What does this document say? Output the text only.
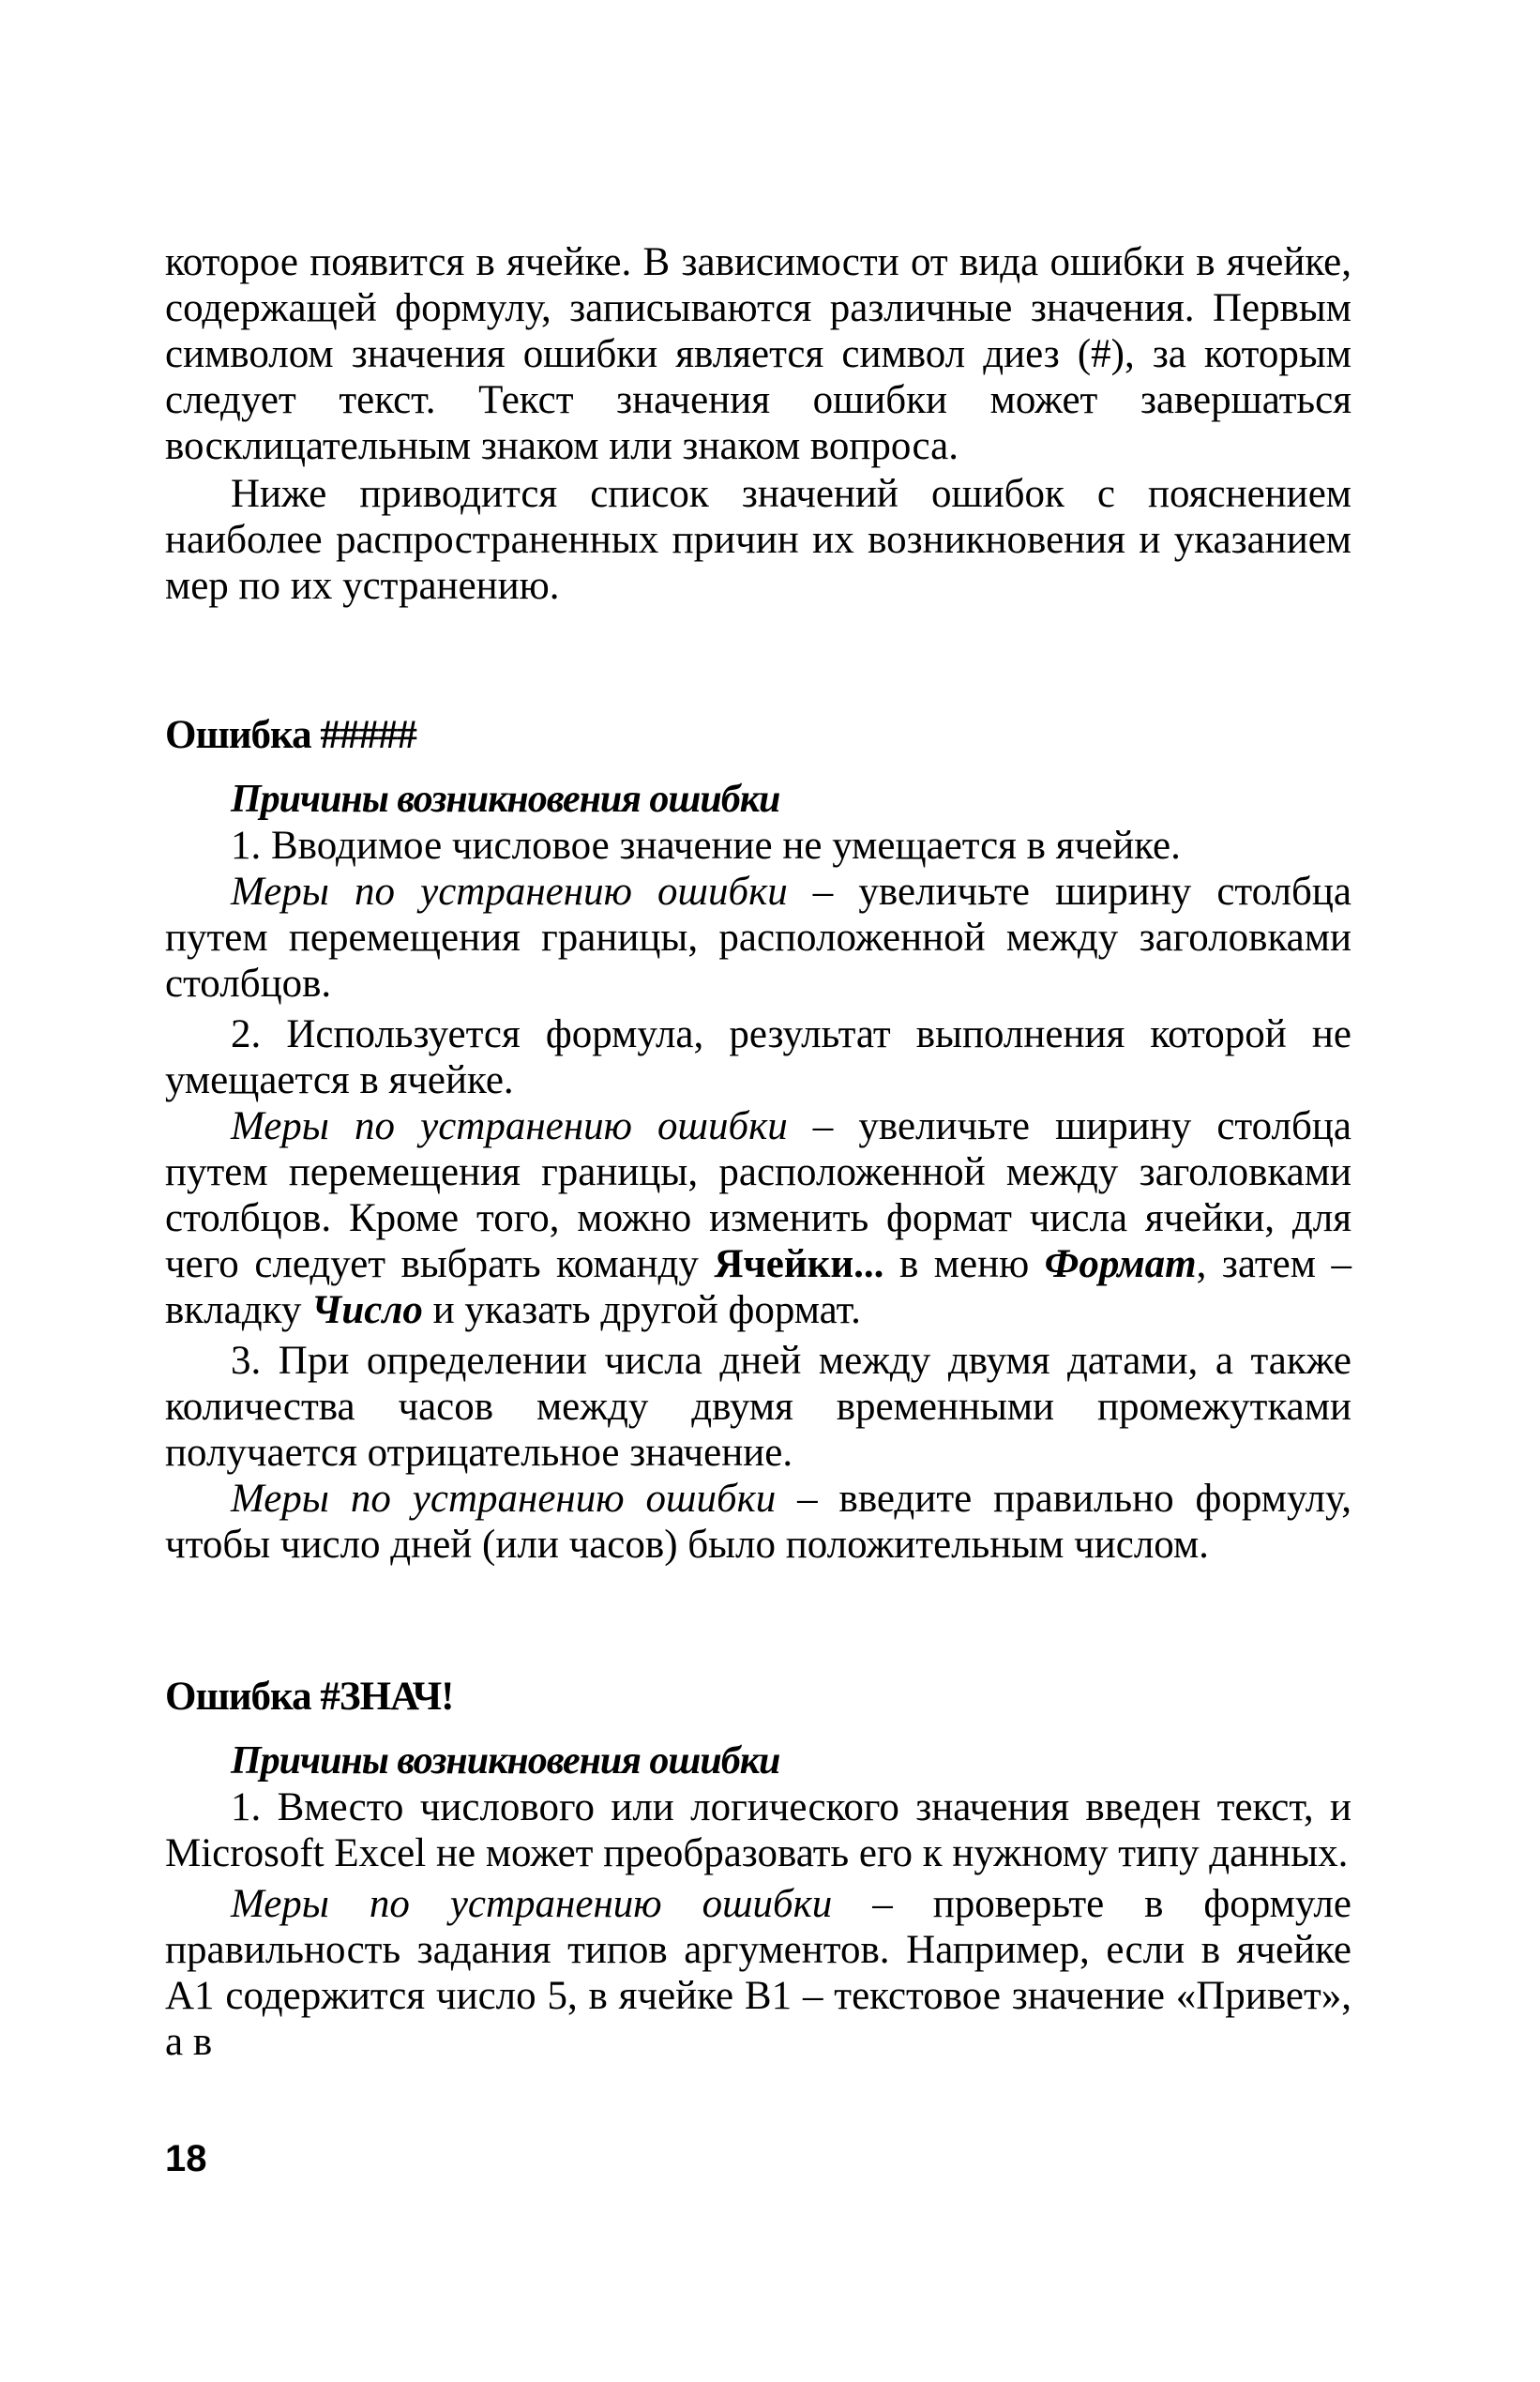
которое появится в ячейке. В зависимости от вида ошибки в ячейке, содержащей формулу, записываются различные значения. Первым символом значения ошибки является символ диез (#), за которым следует текст. Текст значения ошибки может завершаться восклицательным знаком или знаком вопроса.

Ниже приводится список значений ошибок с пояснением наиболее распространенных причин их возникновения и указанием мер по их устранению.

Ошибка #####
Причины возникновения ошибки

1. Вводимое числовое значение не умещается в ячейке.

Меры по устранению ошибки – увеличьте ширину столбца путем перемещения границы, расположенной между заголовками столбцов.

2. Используется формула, результат выполнения которой не умещается в ячейке.

Меры по устранению ошибки – увеличьте ширину столбца путем перемещения границы, расположенной между заголовками столбцов. Кроме того, можно изменить формат числа ячейки, для чего следует выбрать команду Ячейки... в меню Формат, затем – вкладку Число и указать другой формат.

3. При определении числа дней между двумя датами, а также количества часов между двумя временными промежутками получается отрицательное значение.

Меры по устранению ошибки – введите правильно формулу, чтобы число дней (или часов) было положительным числом.

Ошибка #ЗНАЧ!
Причины возникновения ошибки

1. Вместо числового или логического значения введен текст, и Microsoft Excel не может преобразовать его к нужному типу данных.

Меры по устранению ошибки – проверьте в формуле правильность задания типов аргументов. Например, если в ячейке A1 содержится число 5, в ячейке B1 – текстовое значение «Привет», а в

18
